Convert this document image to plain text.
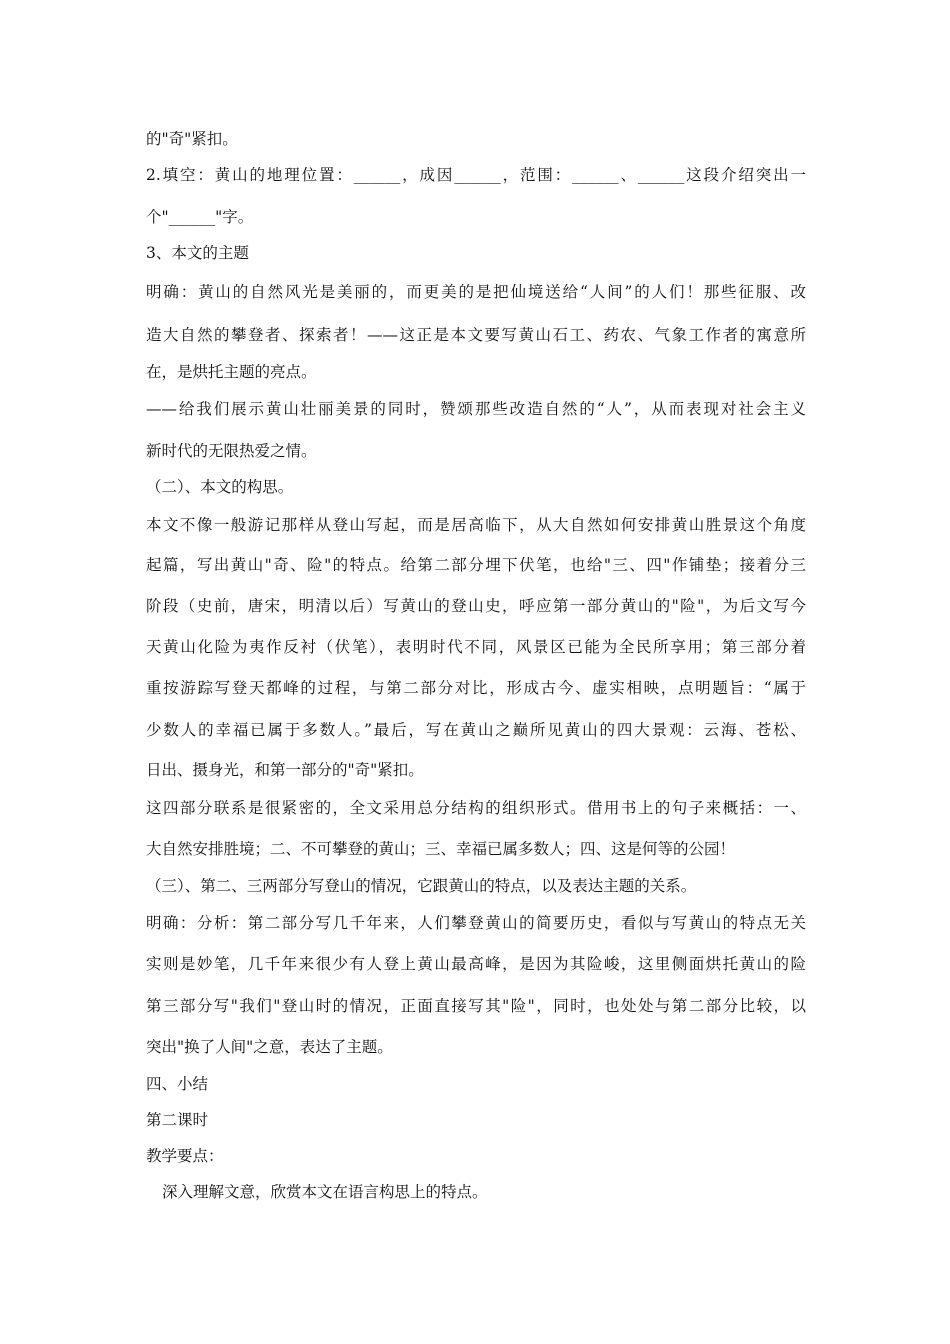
的"奇"紧扣。
2.填空：黄山的地理位置：______，成因______，范围：______、______这段介绍突出一
个"______"字。
3、本文的主题
明确：黄山的自然风光是美丽的，而更美的是把仙境送给“人间”的人们！那些征服、改
造大自然的攀登者、探索者！——这正是本文要写黄山石工、药农、气象工作者的寓意所
在，是烘托主题的亮点。
——给我们展示黄山壮丽美景的同时，赞颂那些改造自然的“人”，从而表现对社会主义
新时代的无限热爱之情。
（二）、本文的构思。
本文不像一般游记那样从登山写起，而是居高临下，从大自然如何安排黄山胜景这个角度
起篇，写出黄山"奇、险"的特点。给第二部分埋下伏笔，也给"三、四"作铺垫；接着分三
阶段（史前，唐宋，明清以后）写黄山的登山史，呼应第一部分黄山的"险"，为后文写今
天黄山化险为夷作反衬（伏笔），表明时代不同，风景区已能为全民所享用；第三部分着
重按游踪写登天都峰的过程，与第二部分对比，形成古今、虚实相映，点明题旨：“属于
少数人的幸福已属于多数人。”最后，写在黄山之巅所见黄山的四大景观：云海、苍松、
日出、摄身光，和第一部分的"奇"紧扣。
这四部分联系是很紧密的，全文采用总分结构的组织形式。借用书上的句子来概括：一、
大自然安排胜境；二、不可攀登的黄山；三、幸福已属多数人；四、这是何等的公园！
（三）、第二、三两部分写登山的情况，它跟黄山的特点，以及表达主题的关系。
明确：分析：第二部分写几千年来，人们攀登黄山的简要历史，看似与写黄山的特点无关
实则是妙笔，几千年来很少有人登上黄山最高峰，是因为其险峻，这里侧面烘托黄山的险
第三部分写"我们"登山时的情况，正面直接写其"险"，同时，也处处与第二部分比较，以
突出"换了人间"之意，表达了主题。
四、小结
第二课时
教学要点：
深入理解文意，欣赏本文在语言构思上的特点。
